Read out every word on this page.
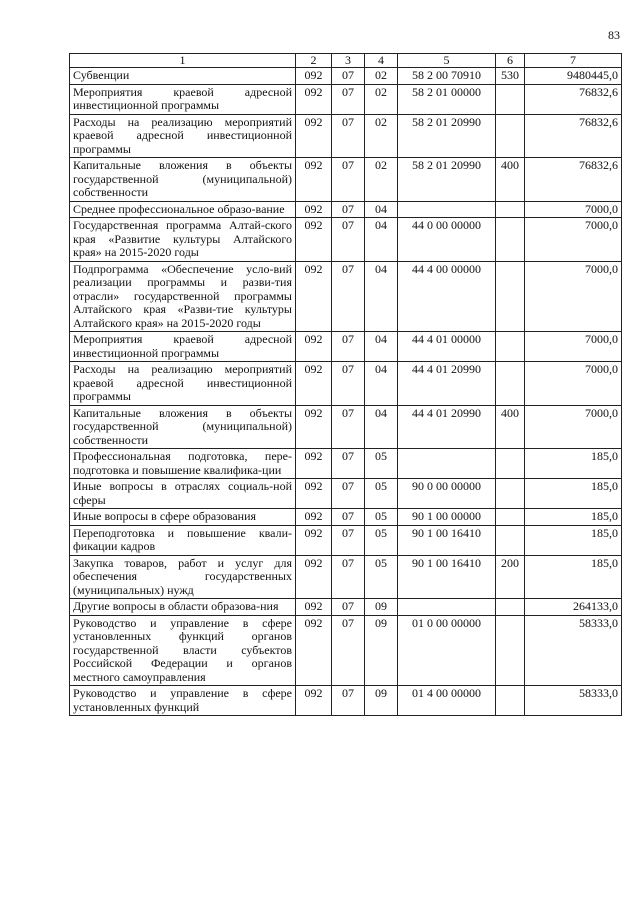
83
1	2	3	4	5	6	7
Субвенции	092	07	02	58 2 00 70910	530	9480445,0
Мероприятия краевой адресной инвестиционной программы	092	07	02	58 2 01 00000		76832,6
Расходы на реализацию мероприятий краевой адресной инвестиционной программы	092	07	02	58 2 01 20990		76832,6
Капитальные вложения в объекты государственной (муниципальной) собственности	092	07	02	58 2 01 20990	400	76832,6
Среднее профессиональное образо-вание	092	07	04			7000,0
Государственная программа Алтай-ского края «Развитие культуры Алтайского края» на 2015-2020 годы	092	07	04	44 0 00 00000		7000,0
Подпрограмма «Обеспечение усло-вий реализации программы и разви-тия отрасли» государственной программы Алтайского края «Разви-тие культуры Алтайского края» на 2015-2020 годы	092	07	04	44 4 00 00000		7000,0
Мероприятия краевой адресной инвестиционной программы	092	07	04	44 4 01 00000		7000,0
Расходы на реализацию мероприятий краевой адресной инвестиционной программы	092	07	04	44 4 01 20990		7000,0
Капитальные вложения в объекты государственной (муниципальной) собственности	092	07	04	44 4 01 20990	400	7000,0
Профессиональная подготовка, пере-подготовка и повышение квалифика-ции	092	07	05			185,0
Иные вопросы в отраслях социаль-ной сферы	092	07	05	90 0 00 00000		185,0
Иные вопросы в сфере образования	092	07	05	90 1 00 00000		185,0
Переподготовка и повышение квали-фикации кадров	092	07	05	90 1 00 16410		185,0
Закупка товаров, работ и услуг для обеспечения государственных (муниципальных) нужд	092	07	05	90 1 00 16410	200	185,0
Другие вопросы в области образова-ния	092	07	09			264133,0
Руководство и управление в сфере установленных функций органов государственной власти субъектов Российской Федерации и органов местного самоуправления	092	07	09	01 0 00 00000		58333,0
Руководство и управление в сфере установленных функций	092	07	09	01 4 00 00000		58333,0
